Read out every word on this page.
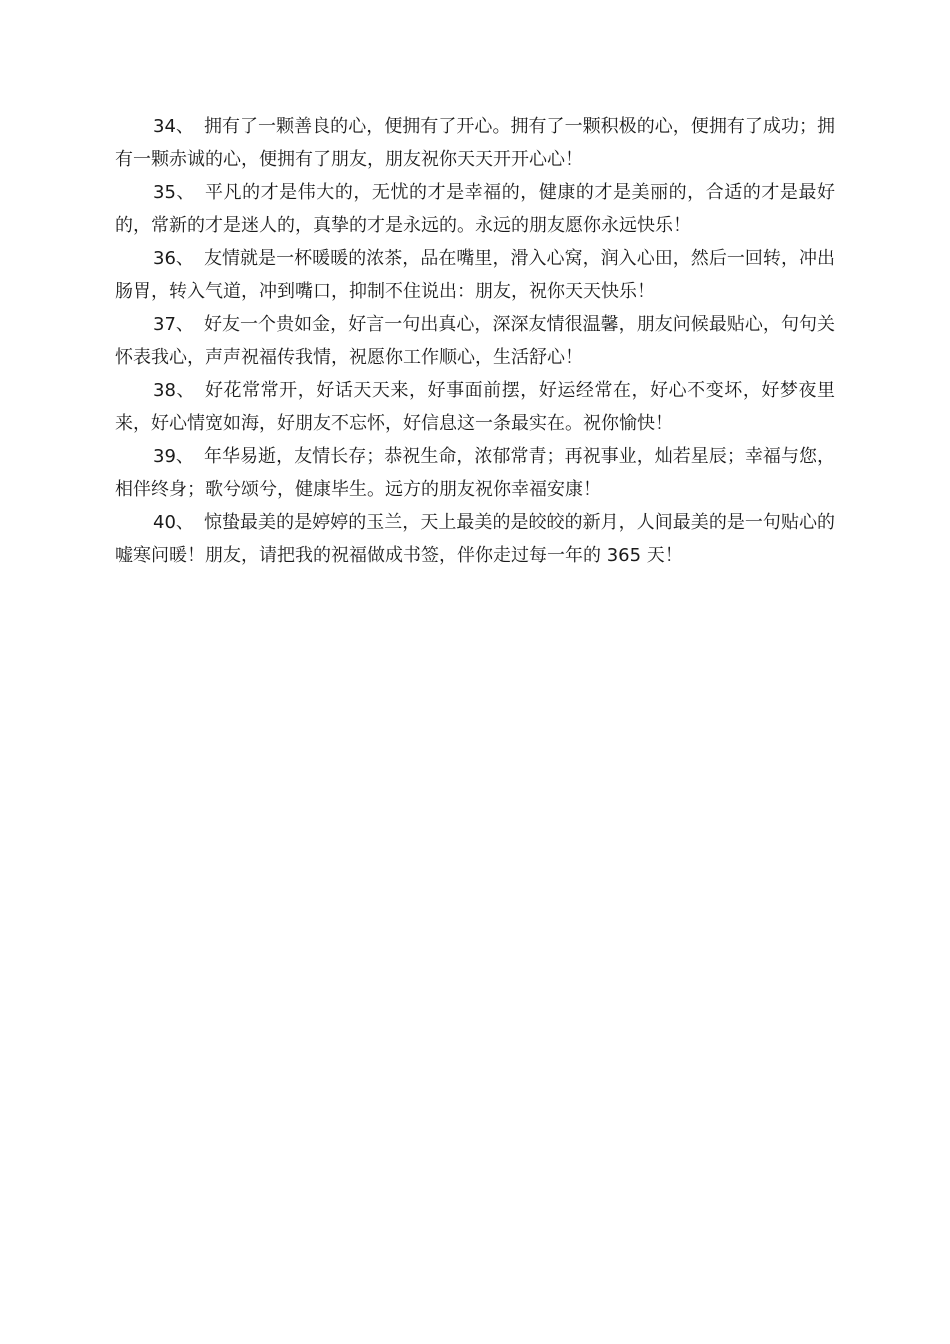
34、 拥有了一颗善良的心，便拥有了开心。拥有了一颗积极的心，便拥有了成功；拥有一颗赤诚的心，便拥有了朋友，朋友祝你天天开开心心！

35、 平凡的才是伟大的，无忧的才是幸福的，健康的才是美丽的，合适的才是最好的，常新的才是迷人的，真挚的才是永远的。永远的朋友愿你永远快乐！

36、 友情就是一杯暖暖的浓茶，品在嘴里，滑入心窝，润入心田，然后一回转，冲出肠胃，转入气道，冲到嘴口，抑制不住说出：朋友，祝你天天快乐！

37、 好友一个贵如金，好言一句出真心，深深友情很温馨，朋友问候最贴心，句句关怀表我心，声声祝福传我情，祝愿你工作顺心，生活舒心！

38、 好花常常开，好话天天来，好事面前摆，好运经常在，好心不变坏，好梦夜里来，好心情宽如海，好朋友不忘怀，好信息这一条最实在。祝你愉快！

39、 年华易逝，友情长存；恭祝生命，浓郁常青；再祝事业，灿若星辰；幸福与您，相伴终身；歌兮颂兮，健康毕生。远方的朋友祝你幸福安康！

40、 惊蛰最美的是婷婷的玉兰，天上最美的是皎皎的新月，人间最美的是一句贴心的嘘寒问暖！朋友，请把我的祝福做成书签，伴你走过每一年的 365 天！
